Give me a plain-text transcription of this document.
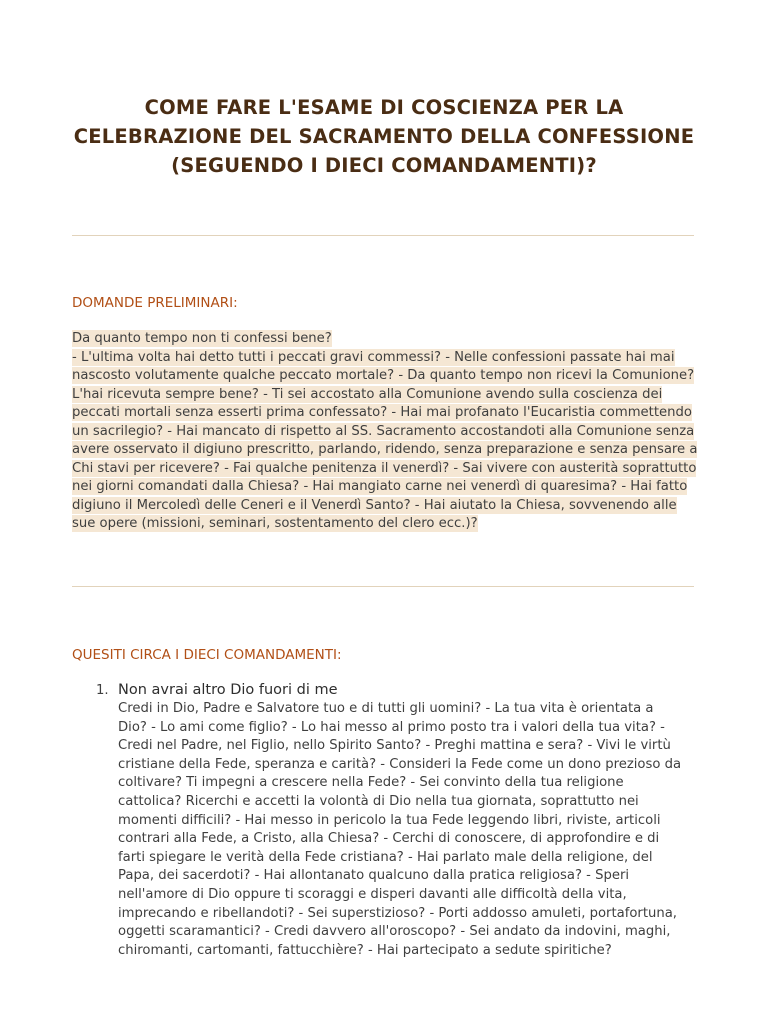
COME FARE L'ESAME DI COSCIENZA PER LA CELEBRAZIONE DEL SACRAMENTO DELLA CONFESSIONE (SEGUENDO I DIECI COMANDAMENTI)?
DOMANDE PRELIMINARI:

Da quanto tempo non ti confessi bene?
- L'ultima volta hai detto tutti i peccati gravi commessi? - Nelle confessioni passate hai mai nascosto volutamente qualche peccato mortale? - Da quanto tempo non ricevi la Comunione? L'hai ricevuta sempre bene? - Ti sei accostato alla Comunione avendo sulla coscienza dei peccati mortali senza esserti prima confessato? - Hai mai profanato l'Eucaristia commettendo un sacrilegio? - Hai mancato di rispetto al SS. Sacramento accostandoti alla Comunione senza avere osservato il digiuno prescritto, parlando, ridendo, senza preparazione e senza pensare a Chi stavi per ricevere? - Fai qualche penitenza il venerdì? - Sai vivere con austerità soprattutto nei giorni comandati dalla Chiesa? - Hai mangiato carne nei venerdì di quaresima? - Hai fatto digiuno il Mercoledì delle Ceneri e il Venerdì Santo? - Hai aiutato la Chiesa, sovvenendo alle sue opere (missioni, seminari, sostentamento del clero ecc.)?

QUESITI CIRCA I DIECI COMANDAMENTI:
1. Non avrai altro Dio fuori di me
Credi in Dio, Padre e Salvatore tuo e di tutti gli uomini? - La tua vita è orientata a Dio? - Lo ami come figlio? - Lo hai messo al primo posto tra i valori della tua vita? - Credi nel Padre, nel Figlio, nello Spirito Santo? - Preghi mattina e sera? - Vivi le virtù cristiane della Fede, speranza e carità? - Consideri la Fede come un dono prezioso da coltivare? Ti impegni a crescere nella Fede? - Sei convinto della tua religione cattolica? Ricerchi e accetti la volontà di Dio nella tua giornata, soprattutto nei momenti difficili? - Hai messo in pericolo la tua Fede leggendo libri, riviste, articoli contrari alla Fede, a Cristo, alla Chiesa? - Cerchi di conoscere, di approfondire e di farti spiegare le verità della Fede cristiana? - Hai parlato male della religione, del Papa, dei sacerdoti? - Hai allontanato qualcuno dalla pratica religiosa? - Speri nell'amore di Dio oppure ti scoraggi e disperi davanti alle difficoltà della vita, imprecando e ribellandoti? - Sei superstizioso? - Porti addosso amuleti, portafortuna, oggetti scaramantici? - Credi davvero all'oroscopo? - Sei andato da indovini, maghi, chiromanti, cartomanti, fattucchière? - Hai partecipato a sedute spiritiche?
